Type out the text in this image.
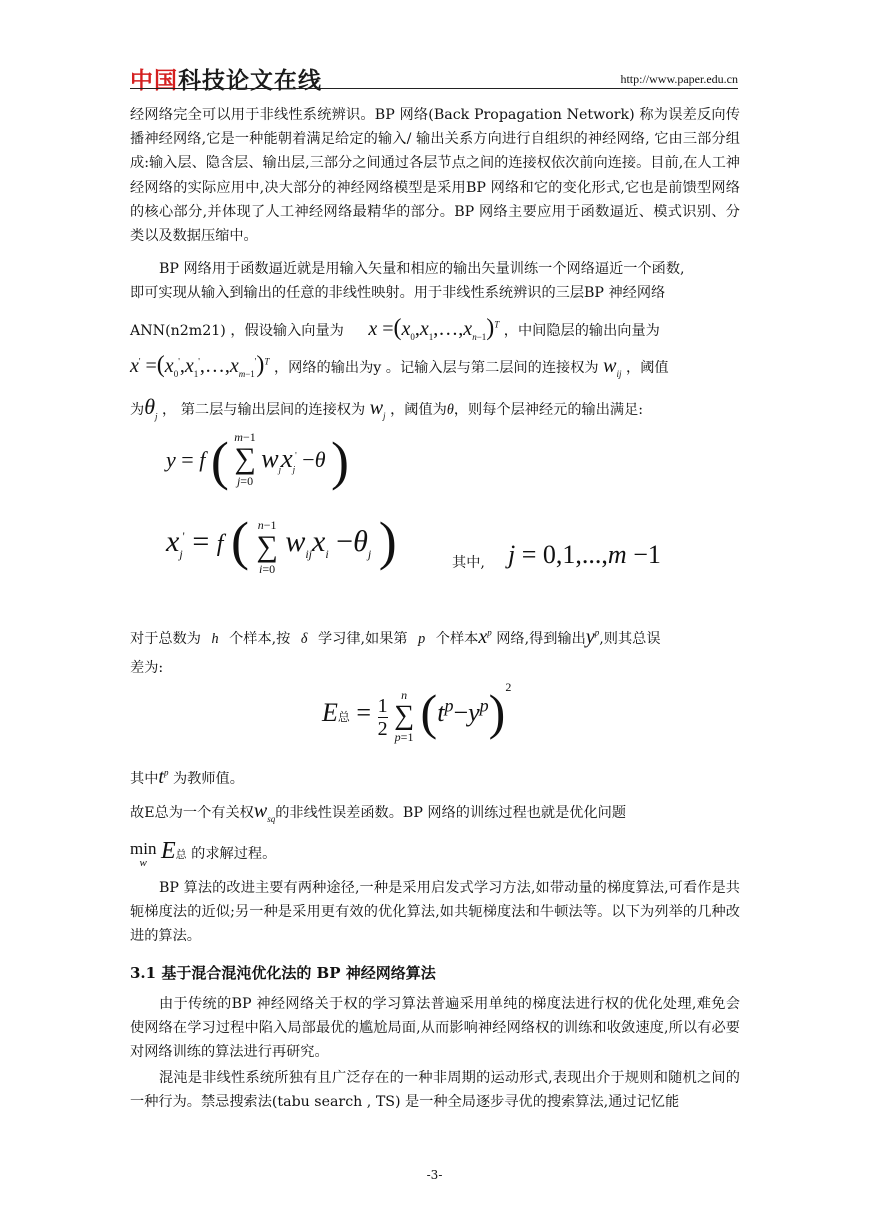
中国科技论文在线	http://www.paper.edu.cn
经网络完全可以用于非线性系统辨识。BP 网络(Back Propagation Network) 称为误差反向传播神经网络,它是一种能朝着满足给定的输入/ 输出关系方向进行自组织的神经网络, 它由三部分组成:输入层、隐含层、输出层,三部分之间通过各层节点之间的连接权依次前向连接。目前,在人工神经网络的实际应用中,决大部分的神经网络模型是采用BP 网络和它的变化形式,它也是前馈型网络的核心部分,并体现了人工神经网络最精华的部分。BP 网络主要应用于函数逼近、模式识别、分类以及数据压缩中。
BP 网络用于函数逼近就是用输入矢量和相应的输出矢量训练一个网络逼近一个函数,
即可实现从输入到输出的任意的非线性映射。用于非线性系统辨识的三层BP 神经网络
ANN(n2m21) ，假设输入向量为 $x =(x_0,x_1,\dots,x_{n-1})^T$ ，中间隐层的输出向量为
$x' =(x_0',x_1',\dots,x_{m-1}')^T$ ，网络的输出为y 。记输入层与第二层间的连接权为 $w_{ij}$ ，阈值
为$\theta_j$ ， 第二层与输出层间的连接权为 $w_j$ ，阈值为θ，则每个层神经元的输出满足:
y = f ( m−1
∑
j=0
$w_jx_j' -\theta$ )
$x_j' = f$ ( n−1
∑
i=0
$w_{ij}x_i -\theta_j$ )	其中, j = 0,1,...,m −1
对于总数为 h 个样本,按 δ 学习律,如果第 p 个样本$x^p$ 网络,得到输出$y^p$,则其总误
差为:
E总 = $\frac{1}{2}$
	n
∑
p=1 $(t^p-y^p)^2$
其中$t^p$ 为教师值。
故E总为一个有关权$w_{sq}$的非线性误差函数。BP 网络的训练过程也就是优化问题
min
w E总 的求解过程。
BP 算法的改进主要有两种途径,一种是采用启发式学习方法,如带动量的梯度算法,可看作是共轭梯度法的近似;另一种是采用更有效的优化算法,如共轭梯度法和牛顿法等。以下为列举的几种改进的算法。
3.1 基于混合混沌优化法的 BP 神经网络算法
由于传统的BP 神经网络关于权的学习算法普遍采用单纯的梯度法进行权的优化处理,难免会使网络在学习过程中陷入局部最优的尴尬局面,从而影响神经网络权的训练和收敛速度,所以有必要对网络训练的算法进行再研究。
混沌是非线性系统所独有且广泛存在的一种非周期的运动形式,表现出介于规则和随机之间的一种行为。禁忌搜索法(tabu search , TS) 是一种全局逐步寻优的搜索算法,通过记忆能
-3-
